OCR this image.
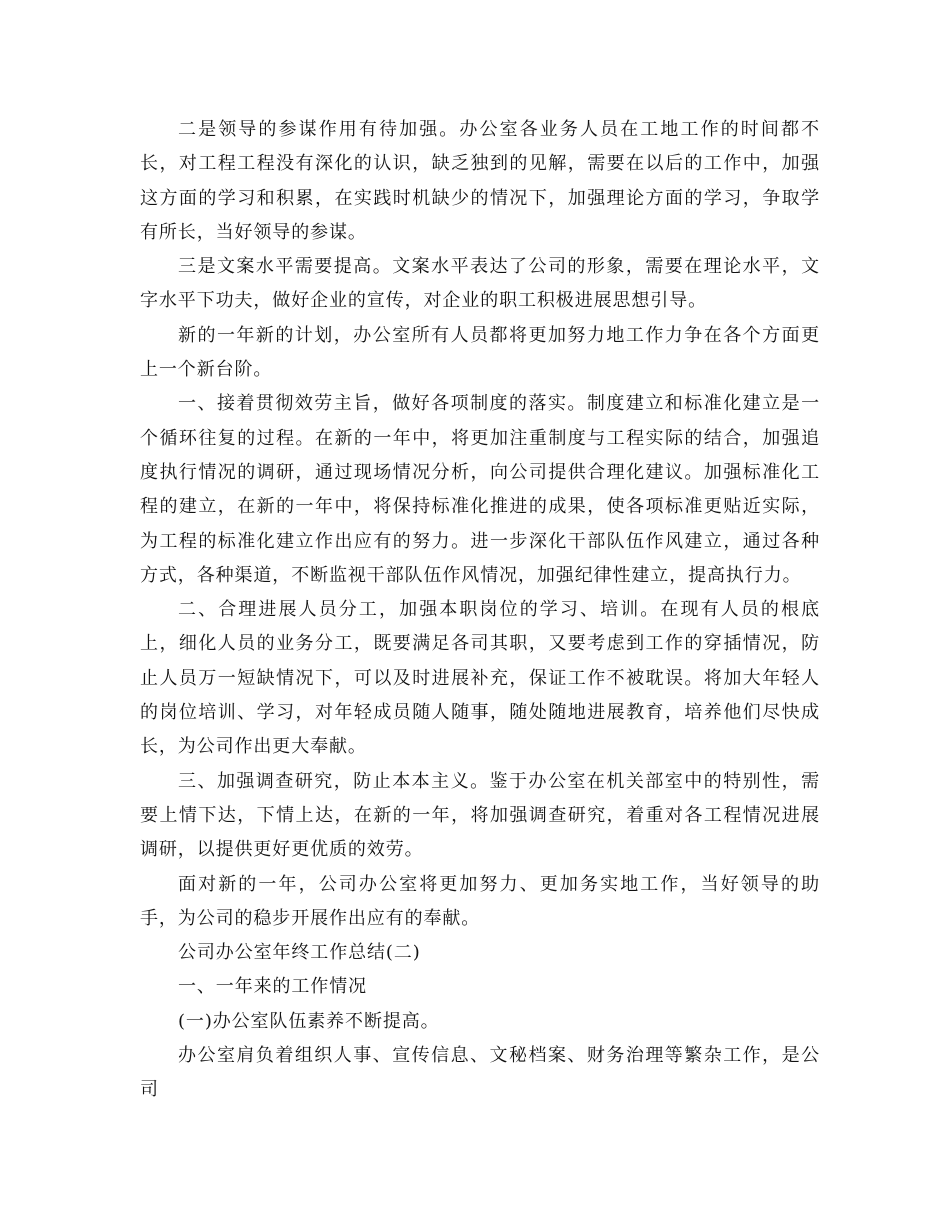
二是领导的参谋作用有待加强。办公室各业务人员在工地工作的时间都不长，对工程工程没有深化的认识，缺乏独到的见解，需要在以后的工作中，加强这方面的学习和积累，在实践时机缺少的情况下，加强理论方面的学习，争取学有所长，当好领导的参谋。

三是文案水平需要提高。文案水平表达了公司的形象，需要在理论水平，文字水平下功夫，做好企业的宣传，对企业的职工积极进展思想引导。

新的一年新的计划，办公室所有人员都将更加努力地工作力争在各个方面更上一个新台阶。

一、接着贯彻效劳主旨，做好各项制度的落实。制度建立和标准化建立是一个循环往复的过程。在新的一年中，将更加注重制度与工程实际的结合，加强追度执行情况的调研，通过现场情况分析，向公司提供合理化建议。加强标准化工程的建立，在新的一年中，将保持标准化推进的成果，使各项标准更贴近实际，为工程的标准化建立作出应有的努力。进一步深化干部队伍作风建立，通过各种方式，各种渠道，不断监视干部队伍作风情况，加强纪律性建立，提高执行力。

二、合理进展人员分工，加强本职岗位的学习、培训。在现有人员的根底上，细化人员的业务分工，既要满足各司其职，又要考虑到工作的穿插情况，防止人员万一短缺情况下，可以及时进展补充，保证工作不被耽误。将加大年轻人的岗位培训、学习，对年轻成员随人随事，随处随地进展教育，培养他们尽快成长，为公司作出更大奉献。

三、加强调查研究，防止本本主义。鉴于办公室在机关部室中的特别性，需要上情下达，下情上达，在新的一年，将加强调查研究，着重对各工程情况进展调研，以提供更好更优质的效劳。

面对新的一年，公司办公室将更加努力、更加务实地工作，当好领导的助手，为公司的稳步开展作出应有的奉献。

公司办公室年终工作总结(二)

一、一年来的工作情况

(一)办公室队伍素养不断提高。

办公室肩负着组织人事、宣传信息、文秘档案、财务治理等繁杂工作，是公司
